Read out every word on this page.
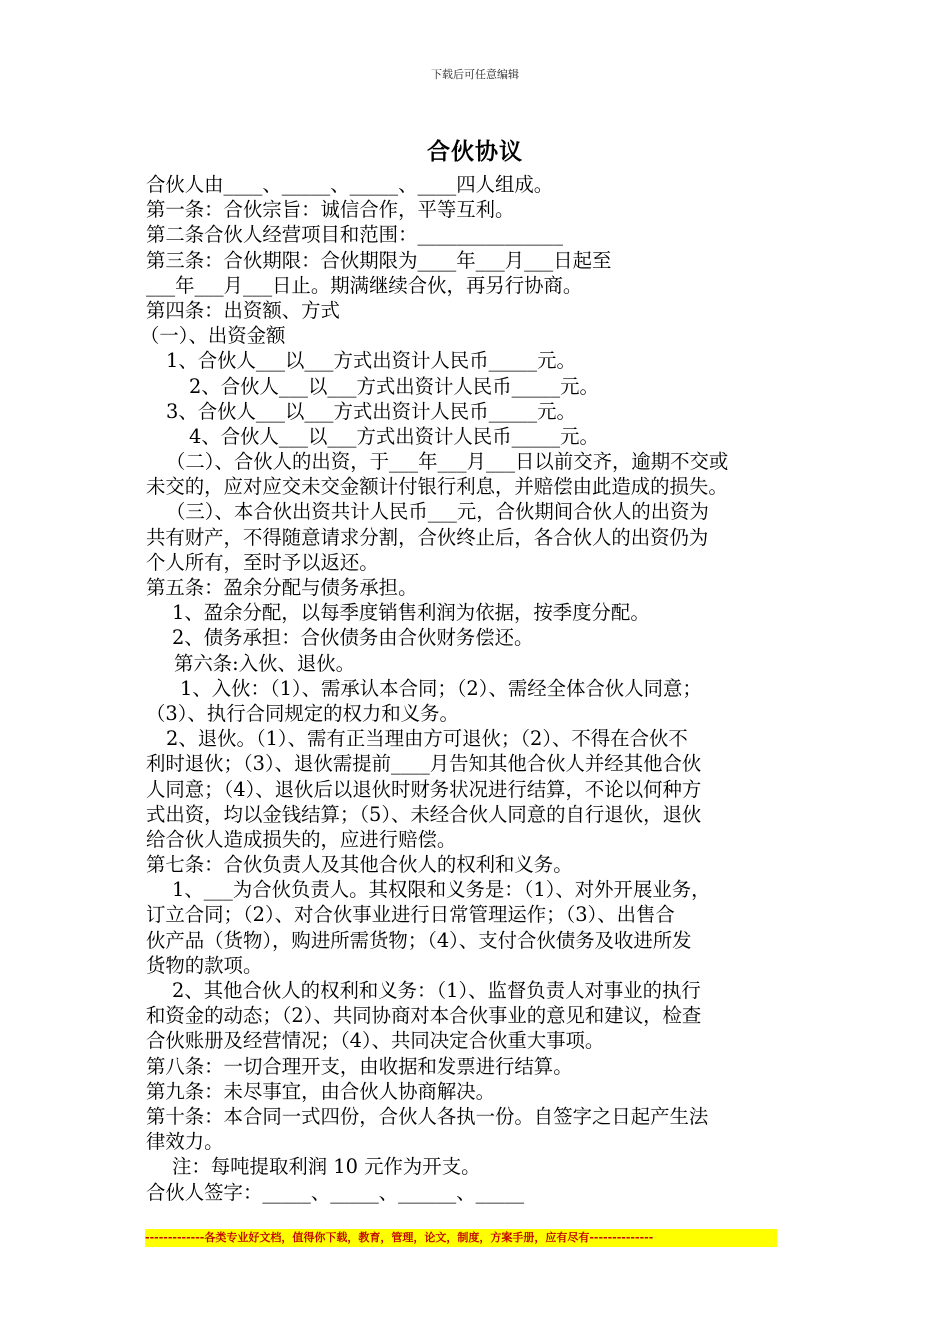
下载后可任意编辑
合伙协议
合伙人由____、_____、_____、____四人组成。
第一条：合伙宗旨：诚信合作，平等互利。
第二条合伙人经营项目和范围：_______________
第三条：合伙期限：合伙期限为____年___月___日起至
___年___月___日止。期满继续合伙，再另行协商。
第四条：出资额、方式
（一）、出资金额
1、合伙人___以___方式出资计人民币_____元。
2、合伙人___以___方式出资计人民币_____元。
3、合伙人___以___方式出资计人民币_____元。
4、合伙人___以___方式出资计人民币_____元。
（二）、合伙人的出资，于___年___月___日以前交齐，逾期不交或
未交的，应对应交未交金额计付银行利息，并赔偿由此造成的损失。
（三）、本合伙出资共计人民币___元，合伙期间合伙人的出资为
共有财产，不得随意请求分割，合伙终止后，各合伙人的出资仍为
个人所有，至时予以返还。
第五条：盈余分配与债务承担。
1、盈余分配，以每季度销售利润为依据，按季度分配。
2、债务承担：合伙债务由合伙财务偿还。
第六条:入伙、退伙。
1、入伙：（1）、需承认本合同；（2）、需经全体合伙人同意；
（3）、执行合同规定的权力和义务。
2、退伙。（1）、需有正当理由方可退伙；（2）、不得在合伙不
利时退伙；（3）、退伙需提前____月告知其他合伙人并经其他合伙
人同意；（4）、退伙后以退伙时财务状况进行结算，不论以何种方
式出资，均以金钱结算；（5）、未经合伙人同意的自行退伙，退伙
给合伙人造成损失的，应进行赔偿。
第七条：合伙负责人及其他合伙人的权利和义务。
1、___为合伙负责人。其权限和义务是：（1）、对外开展业务，
订立合同；（2）、对合伙事业进行日常管理运作；（3）、出售合
伙产品（货物），购进所需货物；（4）、支付合伙债务及收进所发
货物的款项。
2、其他合伙人的权利和义务：（1）、监督负责人对事业的执行
和资金的动态；（2）、共同协商对本合伙事业的意见和建议，检查
合伙账册及经营情况；（4）、共同决定合伙重大事项。
第八条：一切合理开支，由收据和发票进行结算。
第九条：未尽事宜，由合伙人协商解决。
第十条：本合同一式四份，合伙人各执一份。自签字之日起产生法
律效力。
注：每吨提取利润 10 元作为开支。
合伙人签字：_____、_____、______、_____
-------------各类专业好文档，值得你下载，教育，管理，论文，制度，方案手册，应有尽有--------------
